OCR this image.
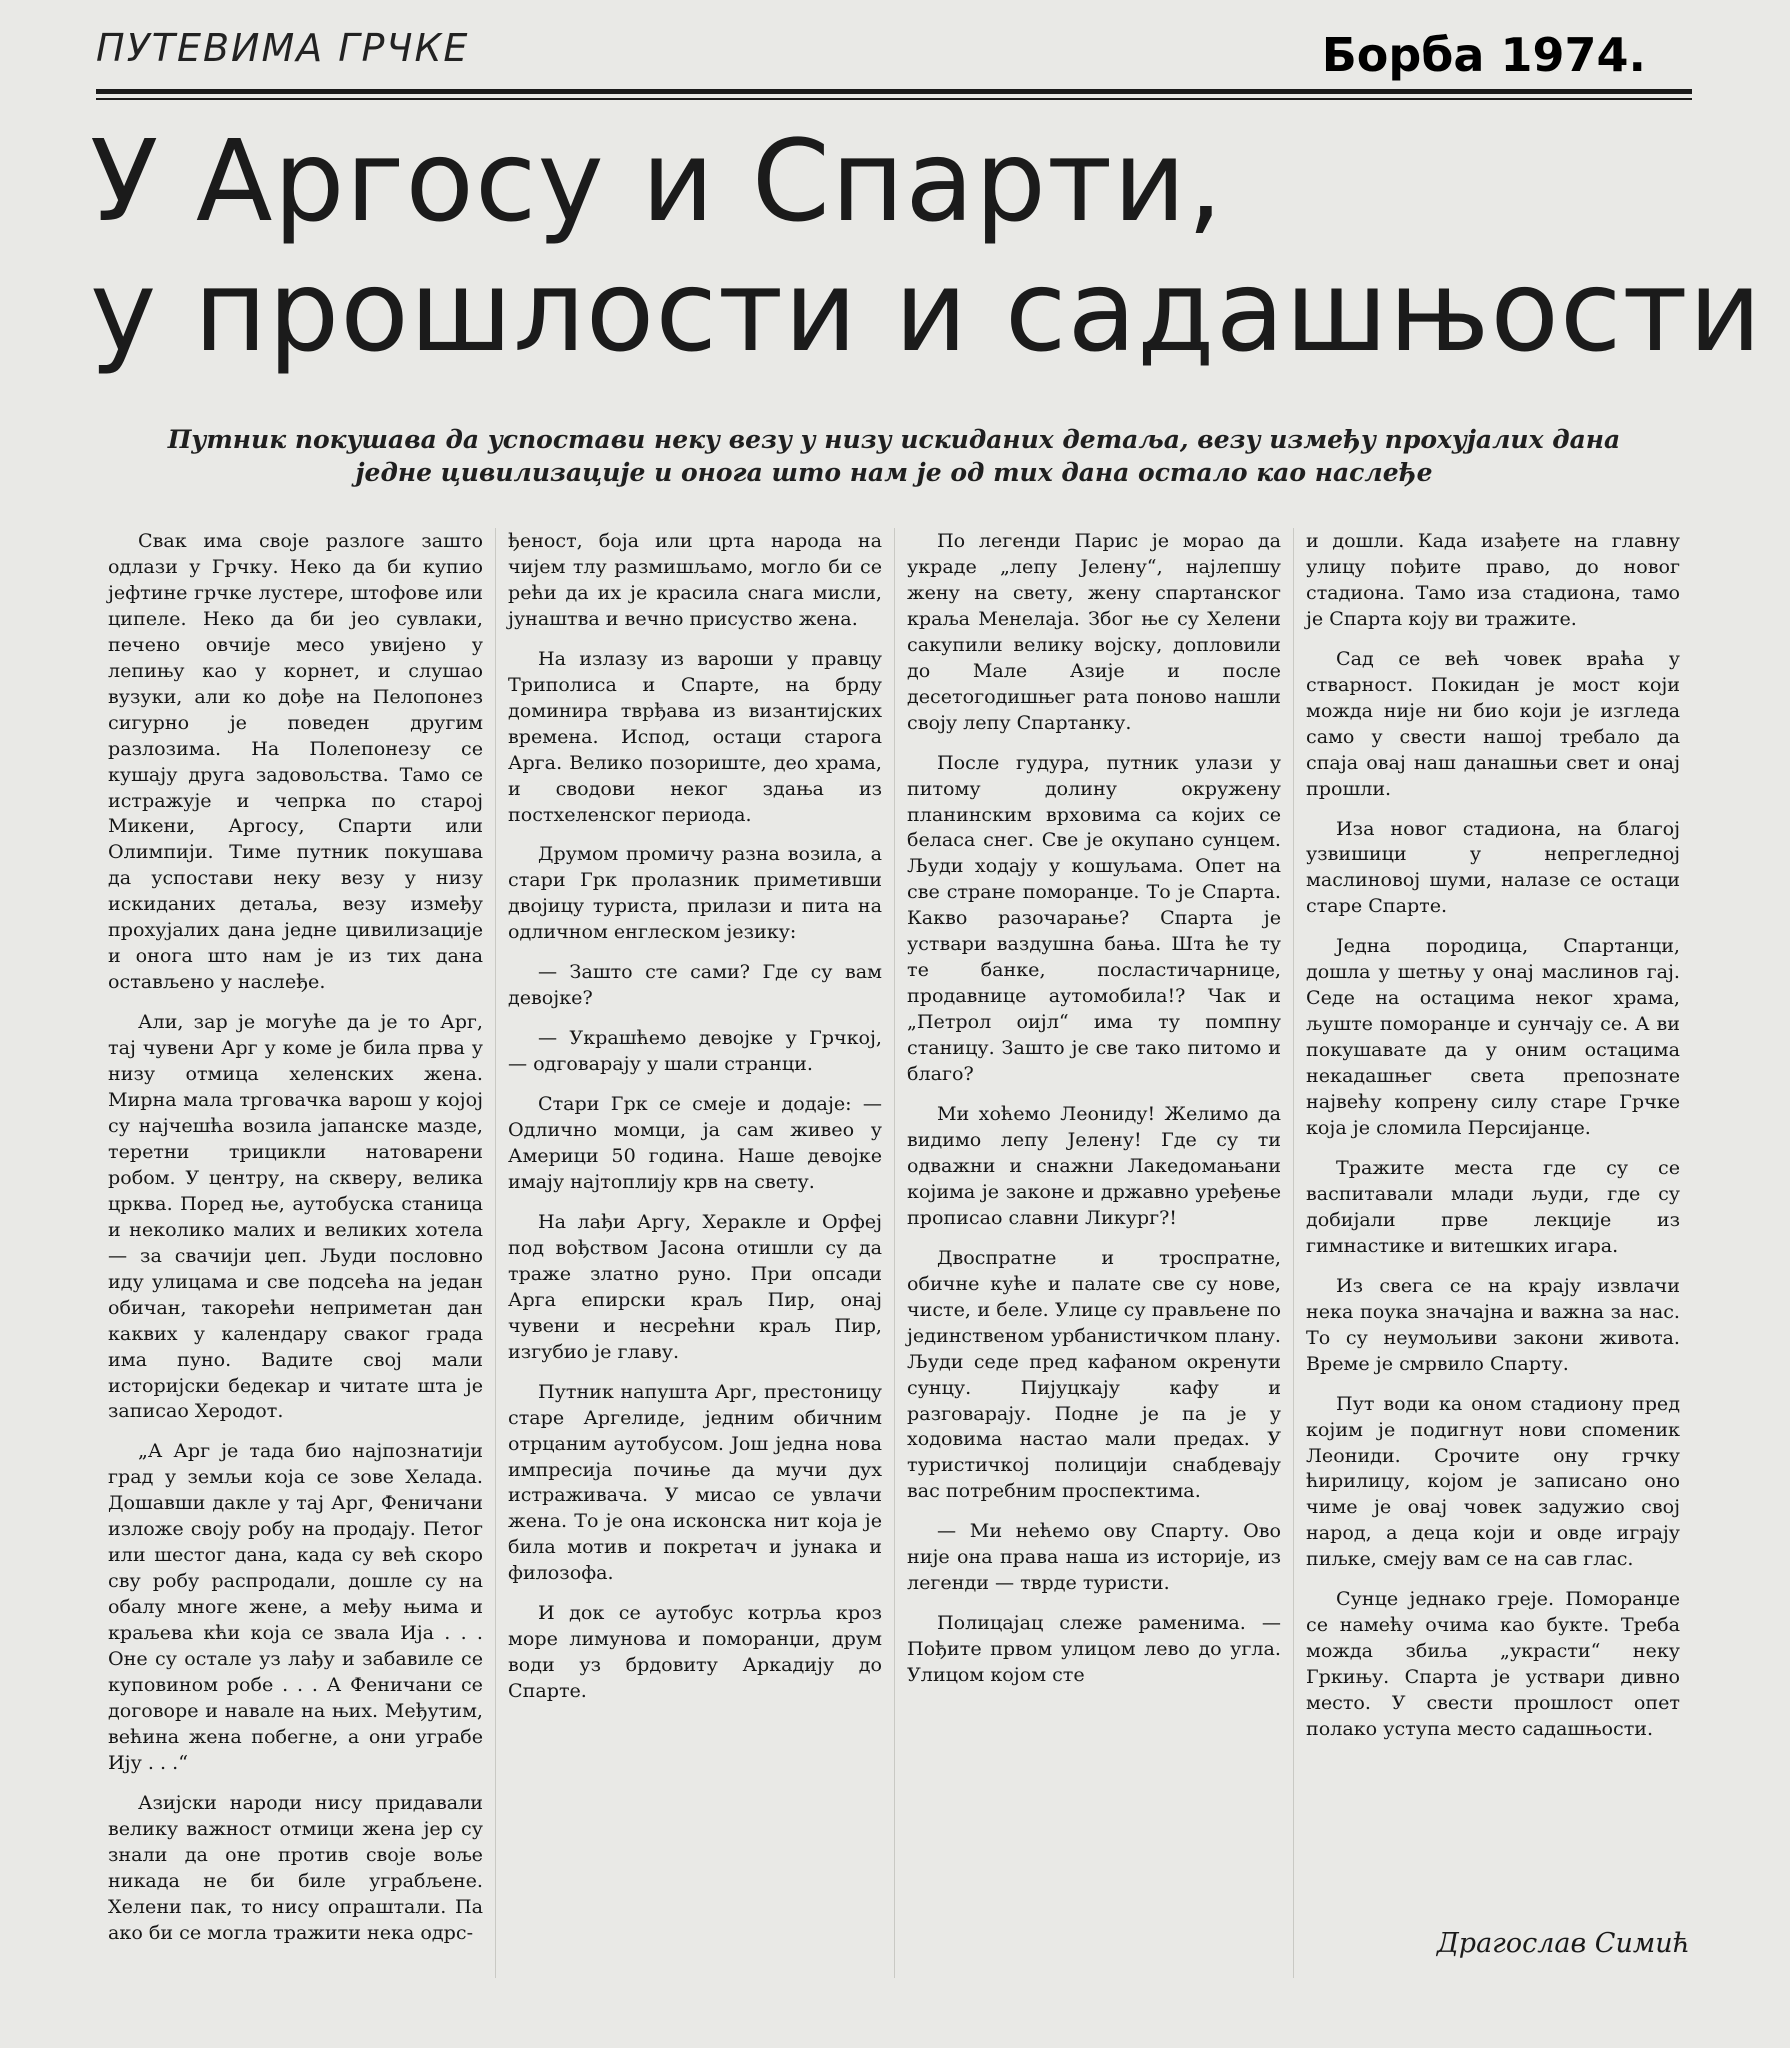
ПУТЕВИМА ГРЧКЕ	Борба 1974.
У Аргосу и Спарти,
у прошлости и садашњости
Путник покушава да успостави неку везу у низу искиданих детаља, везу између прохујалих дана
једне цивилизације и онога што нам је од тих дана остало као наслеђе

Свак има своје разлоге зашто одлази у Грчку. Неко да би купио јефтине грчке лустере, штофове или ципеле. Неко да би јео сувлаки, печено овчије месо увијено у лепињу као у корнет, и слушао вузуки, али ко дође на Пелопонез сигурно је поведен другим разлозима. На Полепонезу се кушају друга задовољства. Тамо се истражује и чепрка по старој Микени, Аргосу, Спарти или Олимпији. Тиме путник покушава да успостави неку везу у низу искиданих детаља, везу између прохујалих дана једне цивилизације и онога што нам је из тих дана остављено у наслеђе.

Али, зар је могуће да је то Арг, тај чувени Арг у коме је била прва у низу отмица хеленских жена. Мирна мала трговачка варош у којој су најчешћа возила јапанске мазде, теретни трицикли натоварени робом. У центру, на скверу, велика црква. Поред ње, аутобуска станица и неколико малих и великих хотела — за свачији џеп. Људи пословно иду улицама и све подсећа на један обичан, такорећи неприметан дан каквих у календару сваког града има пуно. Вадите свој мали историјски бедекар и читате шта је записао Херодот.

„А Арг је тада био најпознатији град у земљи која се зове Хелада. Дошавши дакле у тај Арг, Феничани изложе своју робу на продају. Петог или шестог дана, када су већ скоро сву робу распродали, дошле су на обалу многе жене, а међу њима и краљева кћи која се звала Ија . . . Оне су остале уз лађу и забавиле се куповином робе . . . А Феничани се договоре и навале на њих. Међутим, већина жена побегне, а они уграбе Ију . . .“

Азијски народи нису придавали велику важност отмици жена јер су знали да оне против своје воље никада не би биле уграбљене. Хелени пак, то нису опраштали. Па ако би се могла тражити нека одрс-

ђеност, боја или црта народа на чијем тлу размишљамо, могло би се рећи да их је красила снага мисли, јунаштва и вечно присуство жена.

На излазу из вароши у правцу Триполиса и Спарте, на брду доминира тврђава из византијских времена. Испод, остаци старога Арга. Велико позориште, део храма, и сводови неког здања из постхеленског периода.

Друмом промичу разна возила, а стари Грк пролазник приметивши двојицу туриста, прилази и пита на одличном енглеском језику:

— Зашто сте сами? Где су вам девојке?

— Украшћемо девојке у Грчкој, — одговарају у шали странци.

Стари Грк се смеје и додаје: — Одлично момци, ја сам живео у Америци 50 година. Наше девојке имају најтоплију крв на свету.

На лађи Аргу, Херакле и Орфеј под вођством Јасона отишли су да траже златно руно. При опсади Арга епирски краљ Пир, онај чувени и несрећни краљ Пир, изгубио је главу.

Путник напушта Арг, престоницу старе Аргелиде, једним обичним отрцаним аутобусом. Још једна нова импресија почиње да мучи дух истраживача. У мисао се увлачи жена. То је она исконска нит која је била мотив и покретач и јунака и филозофа.

И док се аутобус котрља кроз море лимунова и поморанџи, друм води уз брдовиту Аркадију до Спарте.

По легенди Парис је морао да украде „лепу Јелену“, најлепшу жену на свету, жену спартанског краља Менелаја. Због ње су Хелени сакупили велику војску, допловили до Мале Азије и после десетогодишњег рата поново нашли своју лепу Спартанку.

После гудура, путник улази у питому долину окружену планинским врховима са којих се беласа снег. Све је окупано сунцем. Људи ходају у кошуљама. Опет на све стране поморанџе. То је Спарта. Какво разочарање? Спарта је уствари ваздушна бања. Шта ће ту те банке, посластичарнице, продавнице аутомобила!? Чак и „Петрол оијл“ има ту помпну станицу. Зашто је све тако питомо и благо?

Ми хоћемо Леониду! Желимо да видимо лепу Јелену! Где су ти одважни и снажни Лакедомањани којима је законе и државно уређење прописао славни Ликург?!

Двоспратне и троспратне, обичне куће и палате све су нове, чисте, и беле. Улице су прављене по јединственом урбанистичком плану. Људи седе пред кафаном окренути сунцу. Пијуцкају кафу и разговарају. Подне је па је у ходовима настао мали предах. У туристичкој полицији снабдевају вас потребним проспектима.

— Ми нећемо ову Спарту. Ово није она права наша из историје, из легенди — тврде туристи.

Полицајац слеже раменима. — Пођите првом улицом лево до угла. Улицом којом сте

и дошли. Када изађете на главну улицу пођите право, до новог стадиона. Тамо иза стадиона, тамо је Спарта коју ви тражите.

Сад се већ човек враћа у стварност. Покидан је мост који можда није ни био који је изгледа само у свести нашој требало да спаја овај наш данашњи свет и онај прошли.

Иза новог стадиона, на благој узвишици у непрегледној маслиновој шуми, налазе се остаци старе Спарте.

Једна породица, Спартанци, дошла у шетњу у онај маслинов гај. Седе на остацима неког храма, љуште поморанџе и сунчају се. А ви покушавате да у оним остацима некадашњег света препознате највећу копрену силу старе Грчке која је сломила Персијанце.

Тражите места где су се васпитавали млади људи, где су добијали прве лекције из гимнастике и витешких игара.

Из свега се на крају извлачи нека поука значајна и важна за нас. То су неумољиви закони живота. Време је смрвило Спарту.

Пут води ка оном стадиону пред којим је подигнут нови споменик Леониди. Срочите ону грчку ћирилицу, којом је записано оно чиме је овај човек задужио свој народ, а деца који и овде играју пиљке, смеју вам се на сав глас.

Сунце једнако греје. Поморанџе се намећу очима као букте. Треба можда збиља „украсти“ неку Гркињу. Спарта је уствари дивно место. У свести прошлост опет полако уступа место садашњости.

Драгослав Симић
